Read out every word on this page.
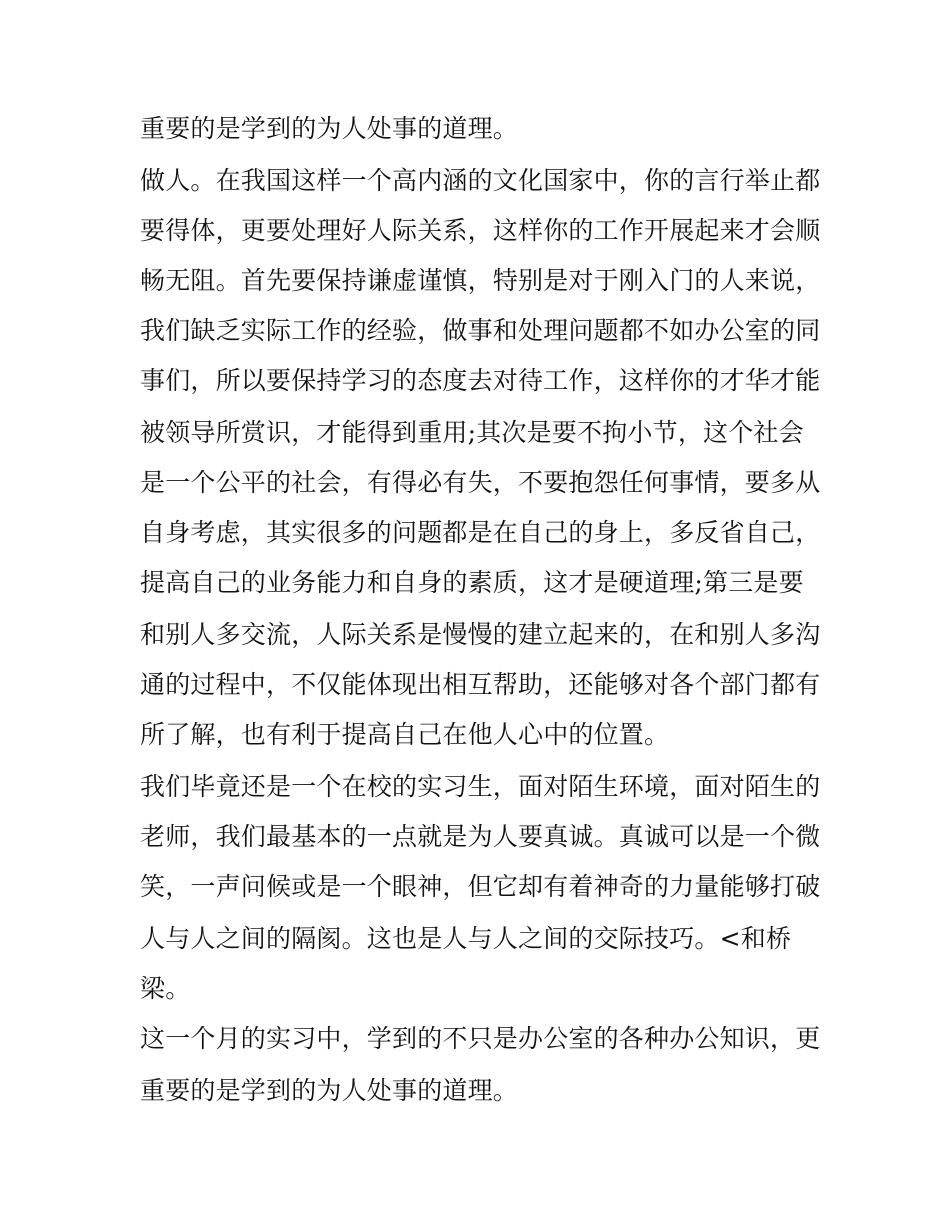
重要的是学到的为人处事的道理。
做人。在我国这样一个高内涵的文化国家中，你的言行举止都
要得体，更要处理好人际关系，这样你的工作开展起来才会顺
畅无阻。首先要保持谦虚谨慎，特别是对于刚入门的人来说，
我们缺乏实际工作的经验，做事和处理问题都不如办公室的同
事们，所以要保持学习的态度去对待工作，这样你的才华才能
被领导所赏识，才能得到重用;其次是要不拘小节，这个社会
是一个公平的社会，有得必有失，不要抱怨任何事情，要多从
自身考虑，其实很多的问题都是在自己的身上，多反省自己，
提高自己的业务能力和自身的素质，这才是硬道理;第三是要
和别人多交流，人际关系是慢慢的建立起来的，在和别人多沟
通的过程中，不仅能体现出相互帮助，还能够对各个部门都有
所了解，也有利于提高自己在他人心中的位置。
我们毕竟还是一个在校的实习生，面对陌生环境，面对陌生的
老师，我们最基本的一点就是为人要真诚。真诚可以是一个微
笑，一声问候或是一个眼神，但它却有着神奇的力量能够打破
人与人之间的隔阂。这也是人与人之间的交际技巧。<和桥
梁。
这一个月的实习中，学到的不只是办公室的各种办公知识，更
重要的是学到的为人处事的道理。
